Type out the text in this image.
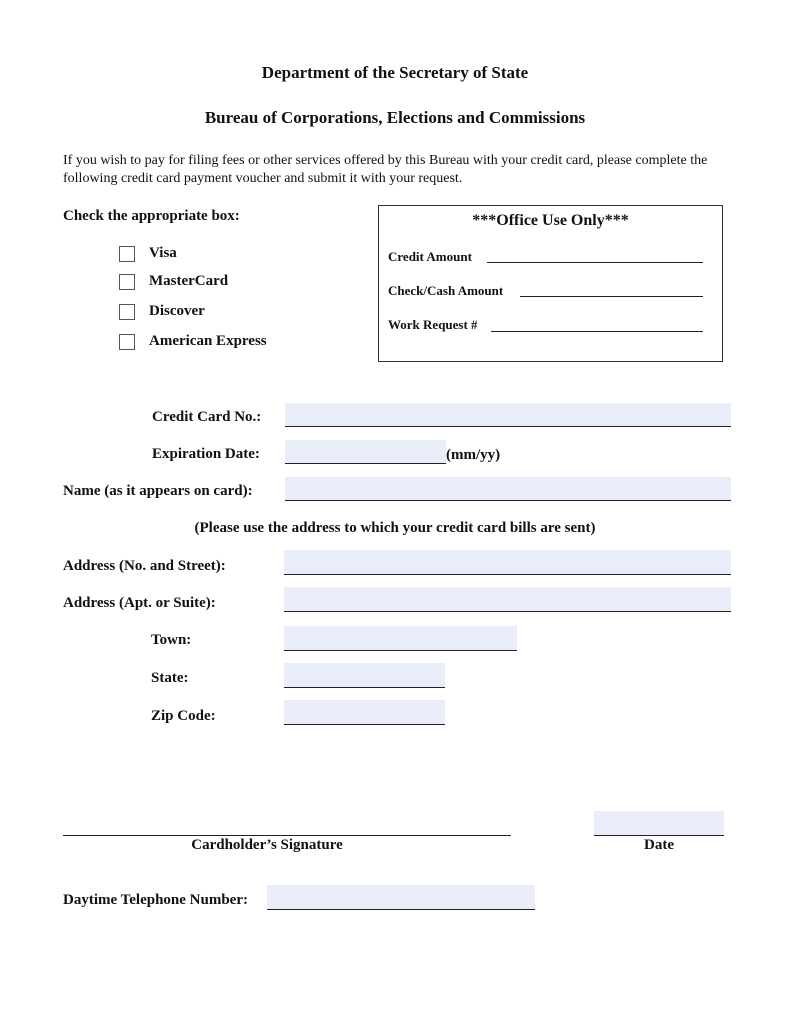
Department of the Secretary of State
Bureau of Corporations, Elections and Commissions
If you wish to pay for filing fees or other services offered by this Bureau with your credit card, please complete the following credit card payment voucher and submit it with your request.
Check the appropriate box:
Visa
MasterCard
Discover
American Express
***Office Use Only***
Credit Amount
Check/Cash Amount
Work Request #
Credit Card No.:
Expiration Date:	(mm/yy)
Name (as it appears on card):
(Please use the address to which your credit card bills are sent)
Address (No. and Street):
Address (Apt. or Suite):
Town:
State:
Zip Code:
Cardholder’s Signature	Date
Daytime Telephone Number:
